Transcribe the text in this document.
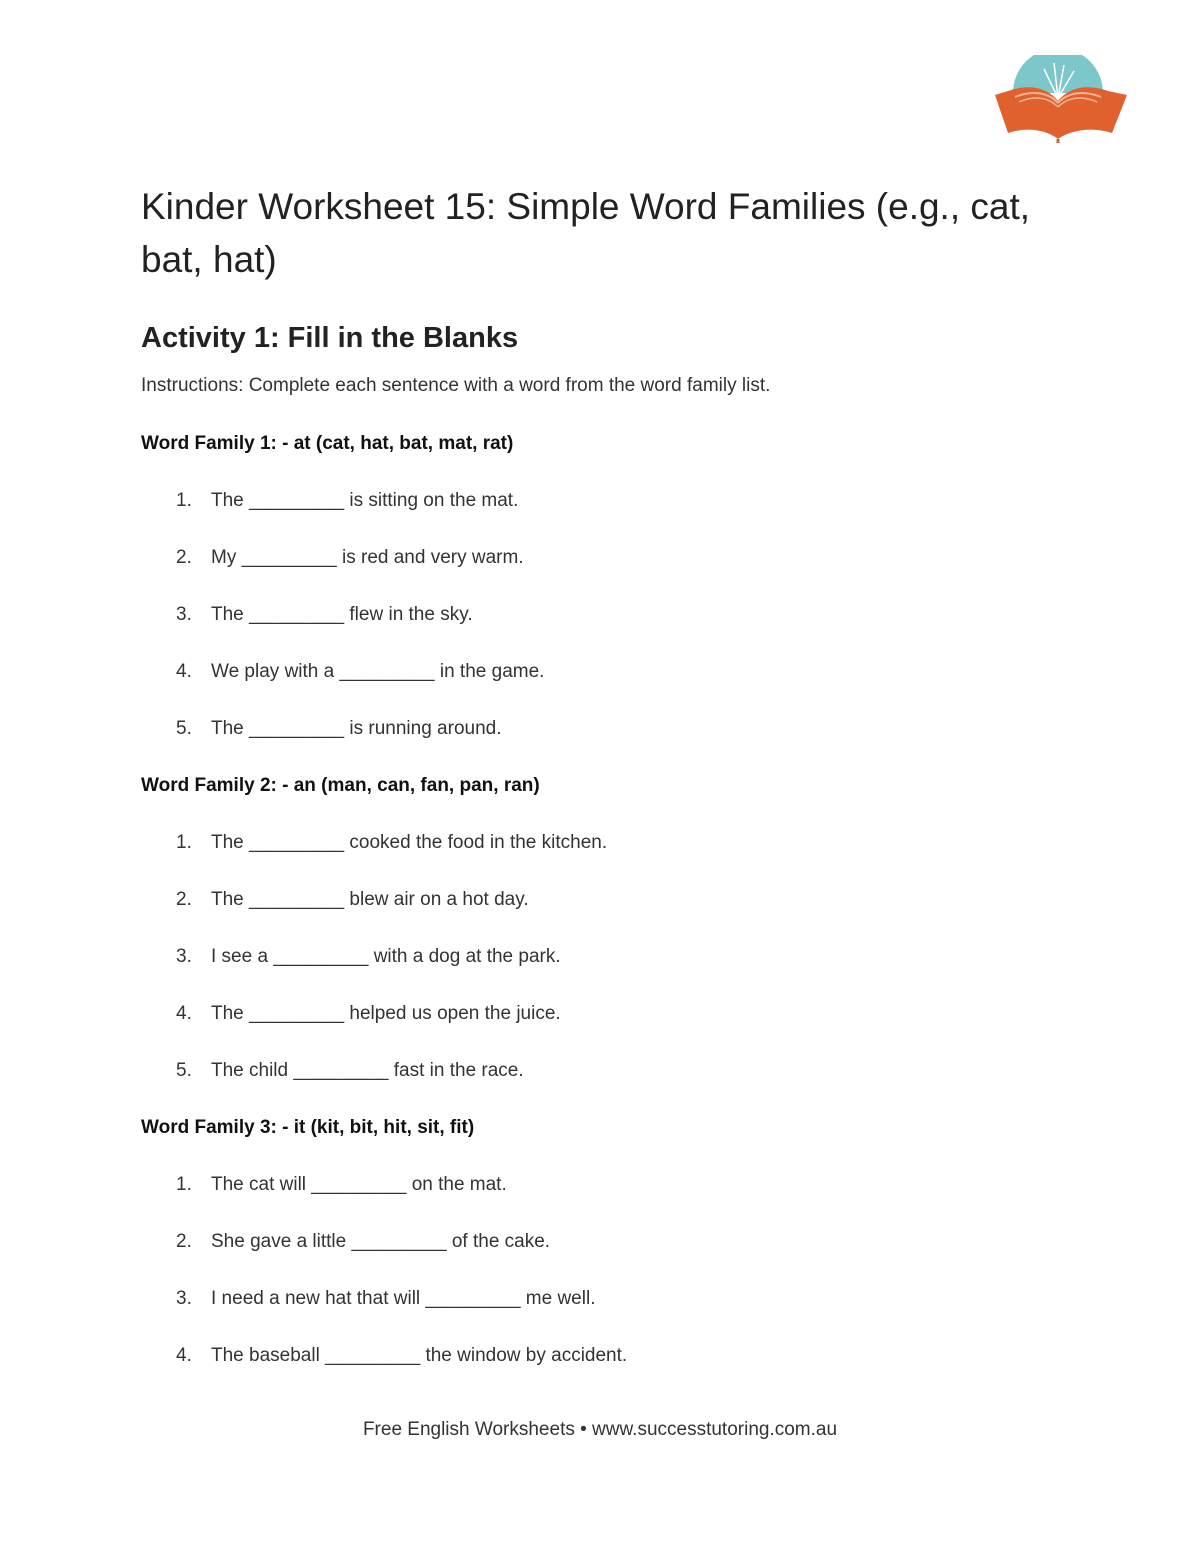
Kinder Worksheet 15: Simple Word Families (e.g., cat, bat, hat)
Activity 1: Fill in the Blanks

Instructions: Complete each sentence with a word from the word family list.

Word Family 1: - at (cat, hat, bat, mat, rat)

1.	The _________ is sitting on the mat.
2.	My _________ is red and very warm.
3.	The _________ flew in the sky.
4.	We play with a _________ in the game.
5.	The _________ is running around.

Word Family 2: - an (man, can, fan, pan, ran)

1.	The _________ cooked the food in the kitchen.
2.	The _________ blew air on a hot day.
3.	I see a _________ with a dog at the park.
4.	The _________ helped us open the juice.
5.	The child _________ fast in the race.

Word Family 3: - it (kit, bit, hit, sit, fit)

1.	The cat will _________ on the mat.
2.	She gave a little _________ of the cake.
3.	I need a new hat that will _________ me well.
4.	The baseball _________ the window by accident.
Free English Worksheets • www.successtutoring.com.au
